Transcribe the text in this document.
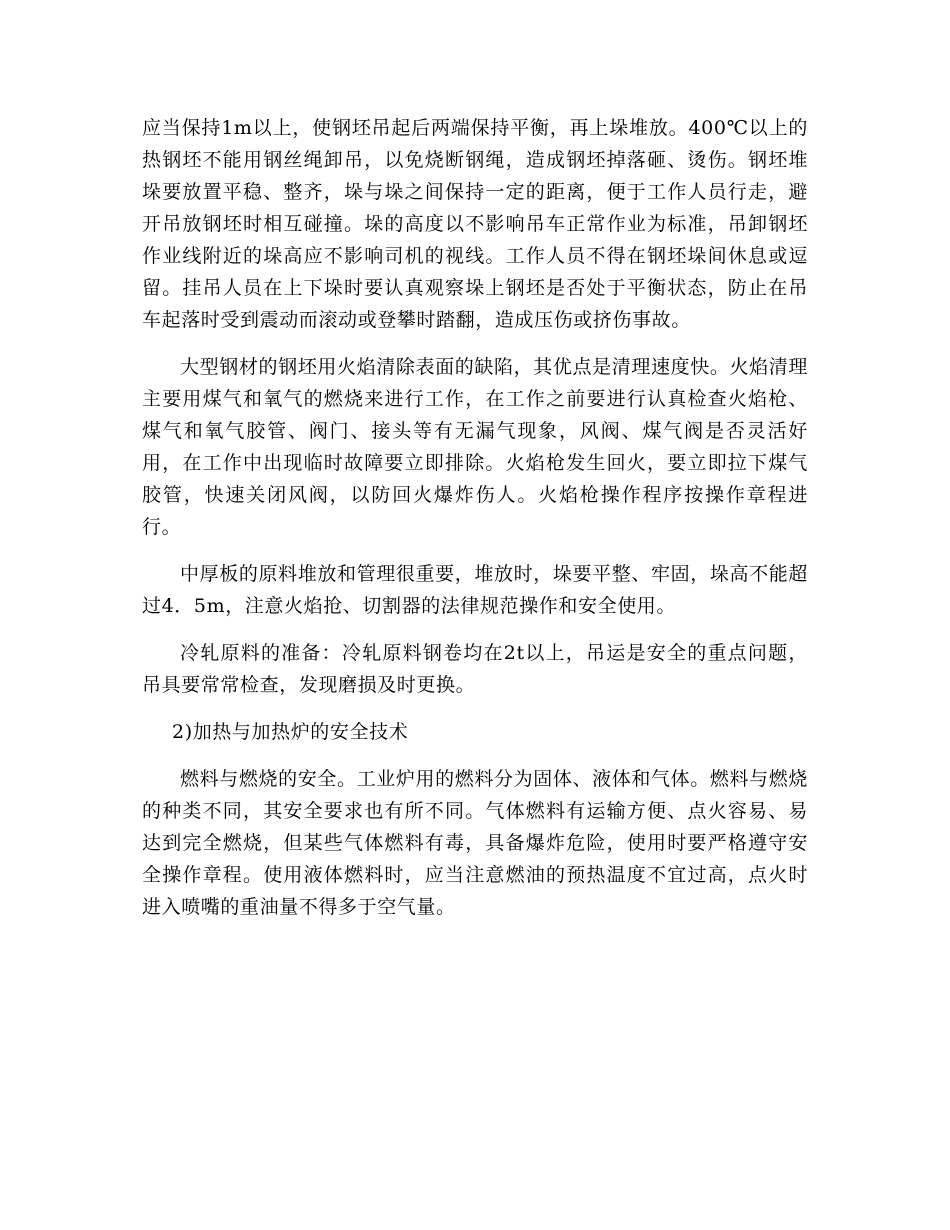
应当保持1m以上，使钢坯吊起后两端保持平衡，再上垛堆放。400℃以上的热钢坯不能用钢丝绳卸吊，以免烧断钢绳，造成钢坯掉落砸、烫伤。钢坯堆垛要放置平稳、整齐，垛与垛之间保持一定的距离，便于工作人员行走，避开吊放钢坯时相互碰撞。垛的高度以不影响吊车正常作业为标准，吊卸钢坯作业线附近的垛高应不影响司机的视线。工作人员不得在钢坯垛间休息或逗留。挂吊人员在上下垛时要认真观察垛上钢坯是否处于平衡状态，防止在吊车起落时受到震动而滚动或登攀时踏翻，造成压伤或挤伤事故。

大型钢材的钢坯用火焰清除表面的缺陷，其优点是清理速度快。火焰清理主要用煤气和氧气的燃烧来进行工作，在工作之前要进行认真检查火焰枪、煤气和氧气胶管、阀门、接头等有无漏气现象，风阀、煤气阀是否灵活好用，在工作中出现临时故障要立即排除。火焰枪发生回火，要立即拉下煤气胶管，快速关闭风阀，以防回火爆炸伤人。火焰枪操作程序按操作章程进行。

中厚板的原料堆放和管理很重要，堆放时，垛要平整、牢固，垛高不能超过4．5m，注意火焰抢、切割器的法律规范操作和安全使用。

冷轧原料的准备：冷轧原料钢卷均在2t以上，吊运是安全的重点问题，吊具要常常检查，发现磨损及时更换。

2)加热与加热炉的安全技术

燃料与燃烧的安全。工业炉用的燃料分为固体、液体和气体。燃料与燃烧的种类不同，其安全要求也有所不同。气体燃料有运输方便、点火容易、易达到完全燃烧，但某些气体燃料有毒，具备爆炸危险，使用时要严格遵守安全操作章程。使用液体燃料时，应当注意燃油的预热温度不宜过高，点火时进入喷嘴的重油量不得多于空气量。
